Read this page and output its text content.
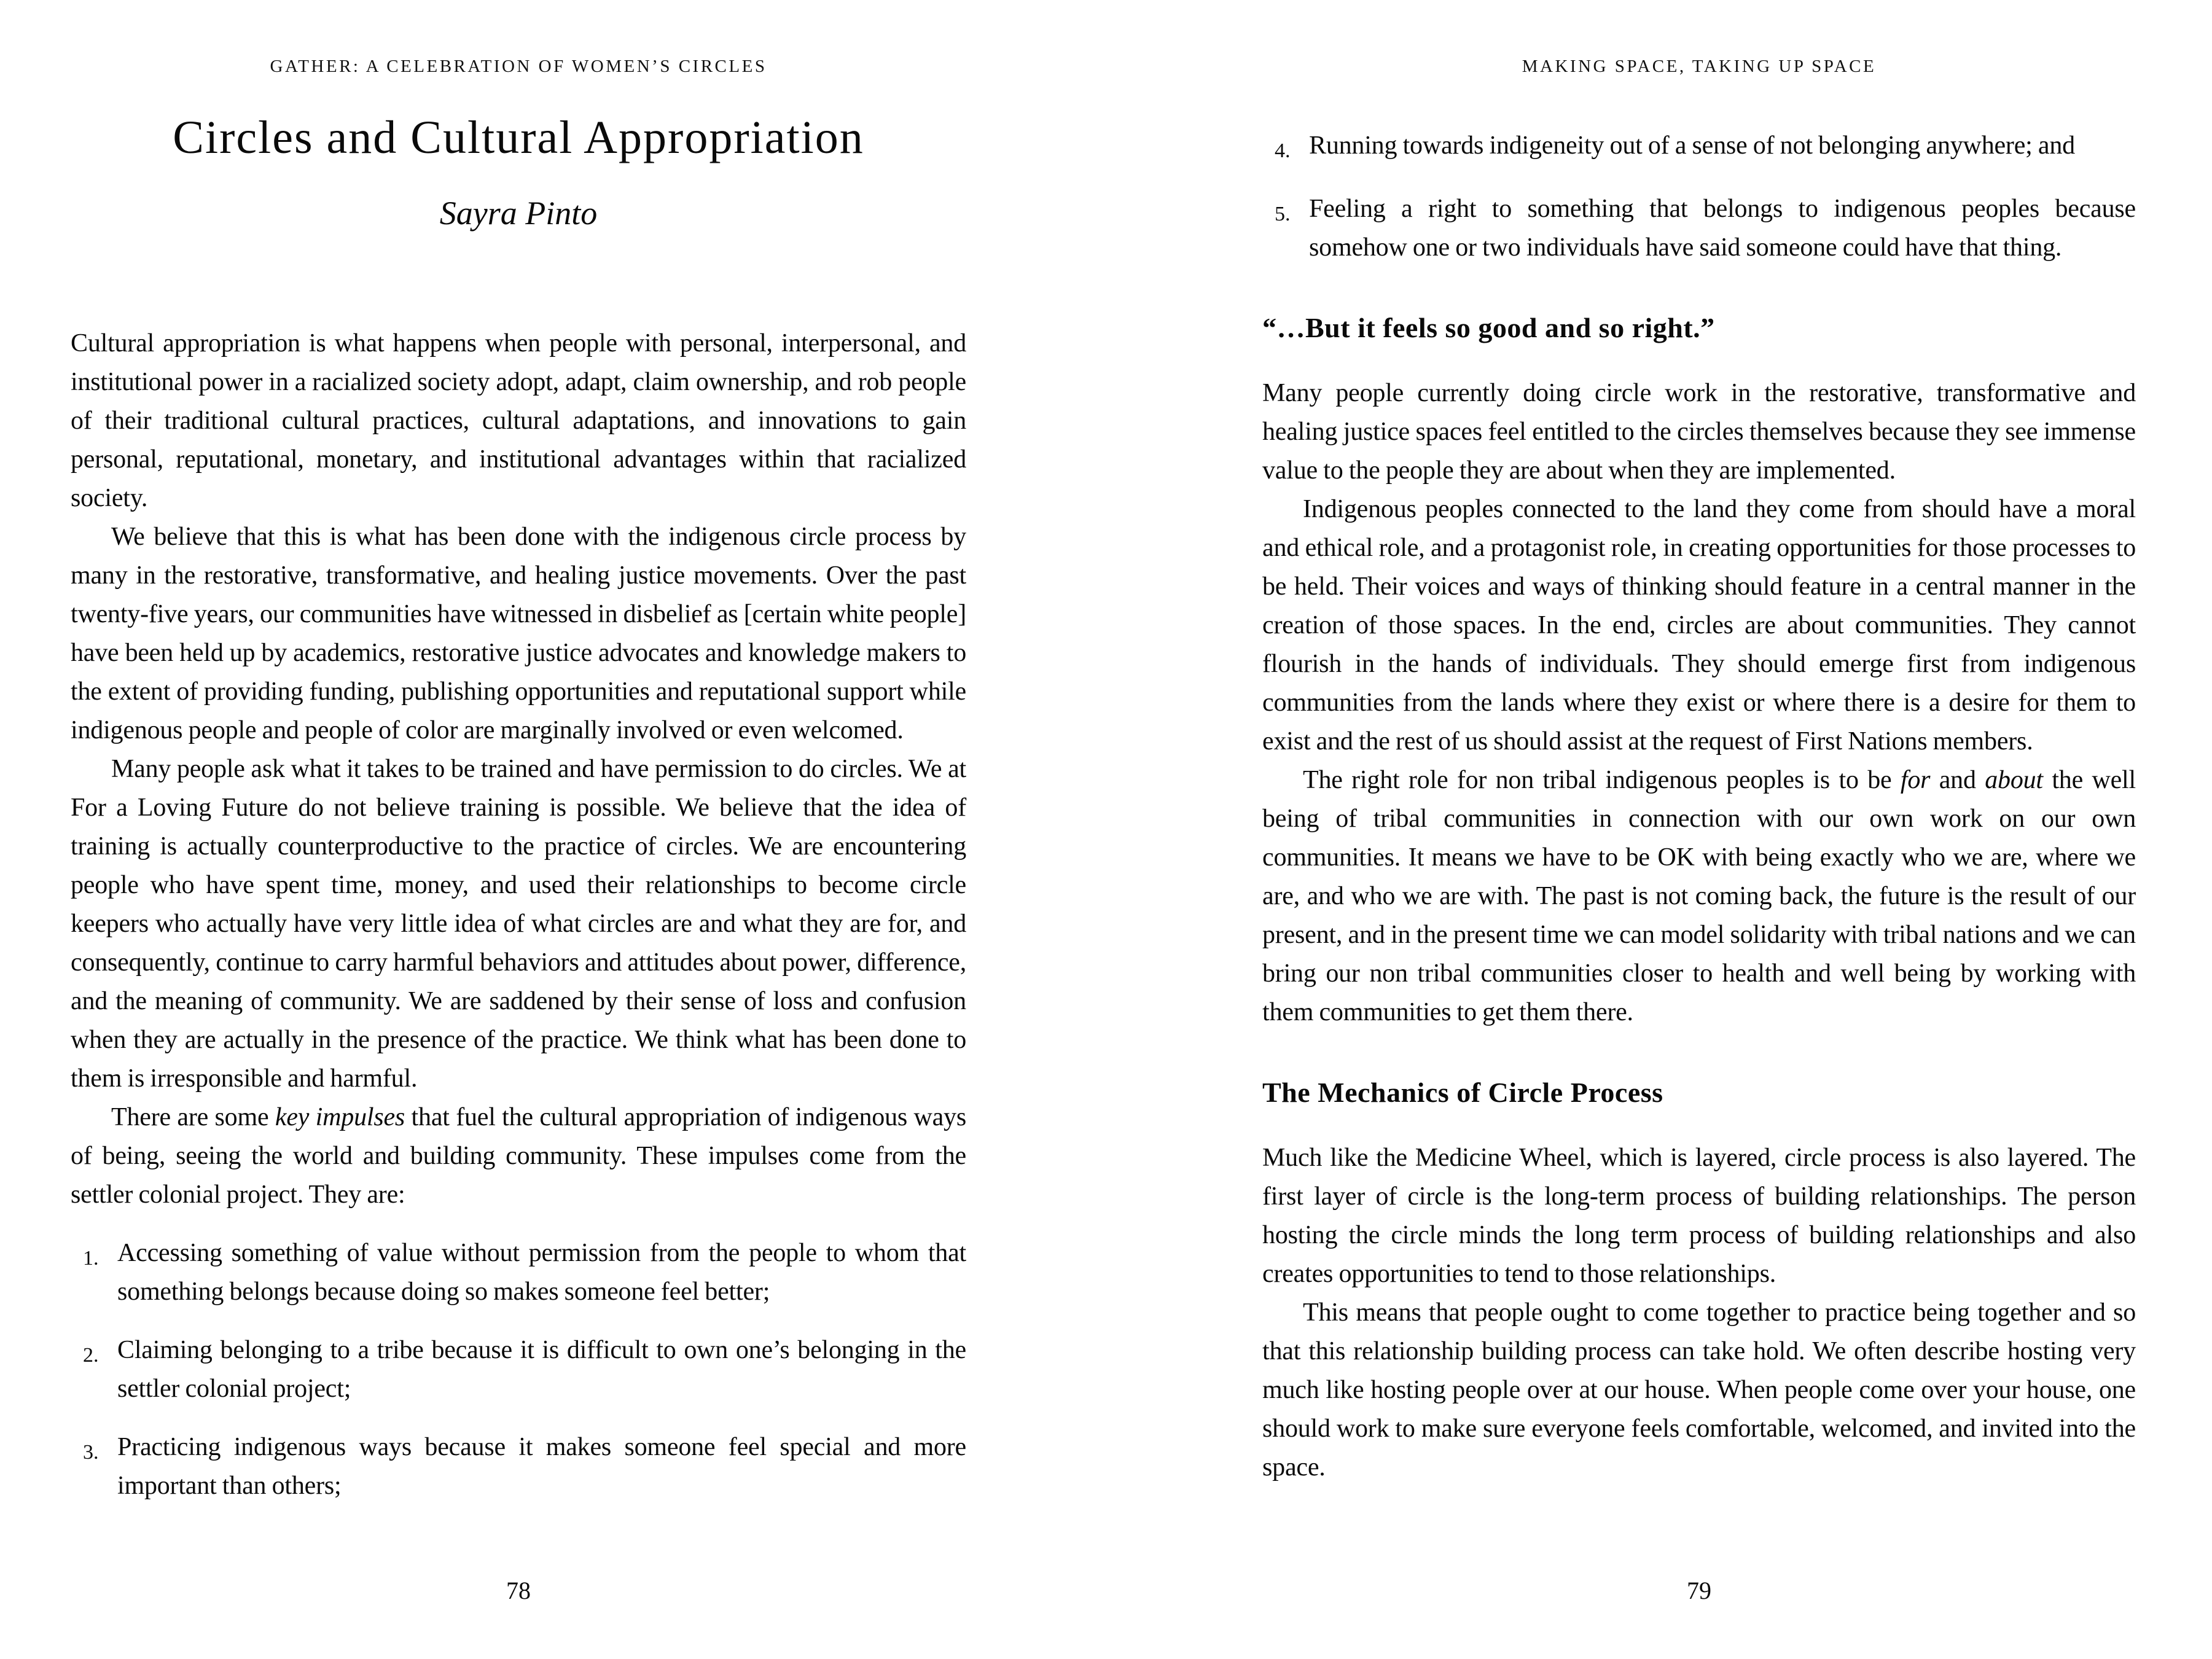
GATHER: A CELEBRATION OF WOMEN’S CIRCLES
Circles and Cultural Appropriation
Sayra Pinto

Cultural appropriation is what happens when people with personal, interpersonal, and institutional power in a racialized society adopt, adapt, claim ownership, and rob people of their traditional cultural practices, cultural adaptations, and innovations to gain personal, reputational, monetary, and institutional advantages within that racialized society.

We believe that this is what has been done with the indigenous circle process by many in the restorative, transformative, and healing justice movements. Over the past twenty-five years, our communities have witnessed in disbelief as [certain white people] have been held up by academics, restorative justice advocates and knowledge makers to the extent of providing funding, publishing opportunities and reputational support while indigenous people and people of color are marginally involved or even welcomed.

Many people ask what it takes to be trained and have permission to do circles. We at For a Loving Future do not believe training is possible. We believe that the idea of training is actually counterproductive to the practice of circles. We are encountering people who have spent time, money, and used their relationships to become circle keepers who actually have very little idea of what circles are and what they are for, and consequently, continue to carry harmful behaviors and attitudes about power, difference, and the meaning of community. We are saddened by their sense of loss and confusion when they are actually in the presence of the practice. We think what has been done to them is irresponsible and harmful.

There are some key impulses that fuel the cultural appropriation of indigenous ways of being, seeing the world and building community. These impulses come from the settler colonial project. They are:

1. Accessing something of value without permission from the people to whom that something belongs because doing so makes someone feel better;
2. Claiming belonging to a tribe because it is difficult to own one’s belonging in the settler colonial project;
3. Practicing indigenous ways because it makes someone feel special and more important than others;
78
MAKING SPACE, TAKING UP SPACE
4. Running towards indigeneity out of a sense of not belonging anywhere; and
5. Feeling a right to something that belongs to indigenous peoples because somehow one or two individuals have said someone could have that thing.
“…But it feels so good and so right.”

Many people currently doing circle work in the restorative, transformative and healing justice spaces feel entitled to the circles themselves because they see immense value to the people they are about when they are implemented.

Indigenous peoples connected to the land they come from should have a moral and ethical role, and a protagonist role, in creating opportunities for those processes to be held. Their voices and ways of thinking should feature in a central manner in the creation of those spaces. In the end, circles are about communities. They cannot flourish in the hands of individuals. They should emerge first from indigenous communities from the lands where they exist or where there is a desire for them to exist and the rest of us should assist at the request of First Nations members.

The right role for non tribal indigenous peoples is to be for and about the well being of tribal communities in connection with our own work on our own communities. It means we have to be OK with being exactly who we are, where we are, and who we are with. The past is not coming back, the future is the result of our present, and in the present time we can model solidarity with tribal nations and we can bring our non tribal communities closer to health and well being by working with them communities to get them there.

The Mechanics of Circle Process

Much like the Medicine Wheel, which is layered, circle process is also layered. The first layer of circle is the long-term process of building relationships. The person hosting the circle minds the long term process of building relationships and also creates opportunities to tend to those relationships.

This means that people ought to come together to practice being together and so that this relationship building process can take hold. We often describe hosting very much like hosting people over at our house. When people come over your house, one should work to make sure everyone feels comfortable, welcomed, and invited into the space.

79
